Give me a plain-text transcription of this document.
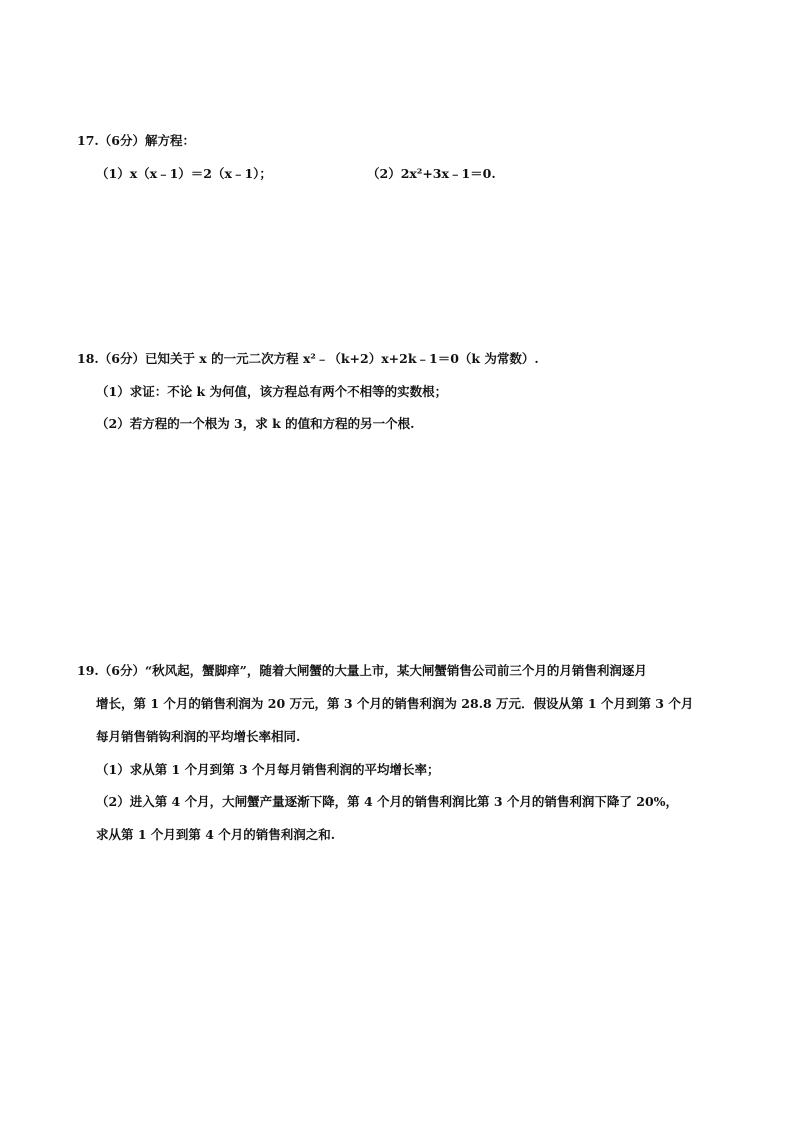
17.（6分）解方程：
（1）x（x﹣1）＝2（x﹣1）；	（2）2x²+3x﹣1＝0.
18.（6分）已知关于 x 的一元二次方程 x²﹣（k+2）x+2k﹣1＝0（k 为常数）.
（1）求证：不论 k 为何值，该方程总有两个不相等的实数根；
（2）若方程的一个根为 3，求 k 的值和方程的另一个根.
19.（6分）“秋风起，蟹脚痒”，随着大闸蟹的大量上市，某大闸蟹销售公司前三个月的月销售利润逐月
增长，第 1 个月的销售利润为 20 万元，第 3 个月的销售利润为 28.8 万元．假设从第 1 个月到第 3 个月
每月销售销钩利润的平均增长率相同.
（1）求从第 1 个月到第 3 个月每月销售利润的平均增长率；
（2）进入第 4 个月，大闸蟹产量逐渐下降，第 4 个月的销售利润比第 3 个月的销售利润下降了 20%，
求从第 1 个月到第 4 个月的销售利润之和.
